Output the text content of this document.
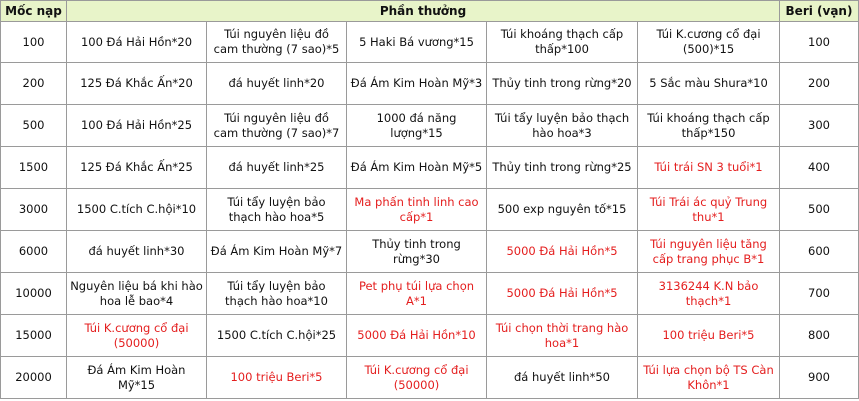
Mốc nạp	Phần thưởng					Beri (vạn)
100	100 Đá Hải Hồn*20	Túi nguyên liệu đồ cam thường (7 sao)*5	5 Haki Bá vương*15	Túi khoáng thạch cấp thấp*100	Túi K.cương cổ đại (500)*15	100
200	125 Đá Khắc Ấn*20	đá huyết linh*20	Đá Ám Kim Hoàn Mỹ*3	Thủy tinh trong rừng*20	5 Sắc màu Shura*10	200
500	100 Đá Hải Hồn*25	Túi nguyên liệu đồ cam thường (7 sao)*7	1000 đá năng lượng*15	Túi tẩy luyện bảo thạch hào hoa*3	Túi khoáng thạch cấp thấp*150	300
1500	125 Đá Khắc Ấn*25	đá huyết linh*25	Đá Ám Kim Hoàn Mỹ*5	Thủy tinh trong rừng*25	Túi trái SN 3 tuổi*1	400
3000	1500 C.tích C.hội*10	Túi tẩy luyện bảo thạch hào hoa*5	Ma phấn tinh linh cao cấp*1	500 exp nguyên tố*15	Túi Trái ác quỷ Trung thu*1	500
6000	đá huyết linh*30	Đá Ám Kim Hoàn Mỹ*7	Thủy tinh trong rừng*30	5000 Đá Hải Hồn*5	Túi nguyên liệu tăng cấp trang phục B*1	600
10000	Nguyên liệu bá khi hào hoa lễ bao*4	Túi tẩy luyện bảo thạch hào hoa*10	Pet phụ túi lựa chọn A*1	5000 Đá Hải Hồn*5	3136244 K.N bảo thạch*1	700
15000	Túi K.cương cổ đại (50000)	1500 C.tích C.hội*25	5000 Đá Hải Hồn*10	Túi chọn thời trang hào hoa*1	100 triệu Beri*5	800
20000	Đá Ám Kim Hoàn Mỹ*15	100 triệu Beri*5	Túi K.cương cổ đại (50000)	đá huyết linh*50	Túi lựa chọn bộ TS Càn Khôn*1	900
